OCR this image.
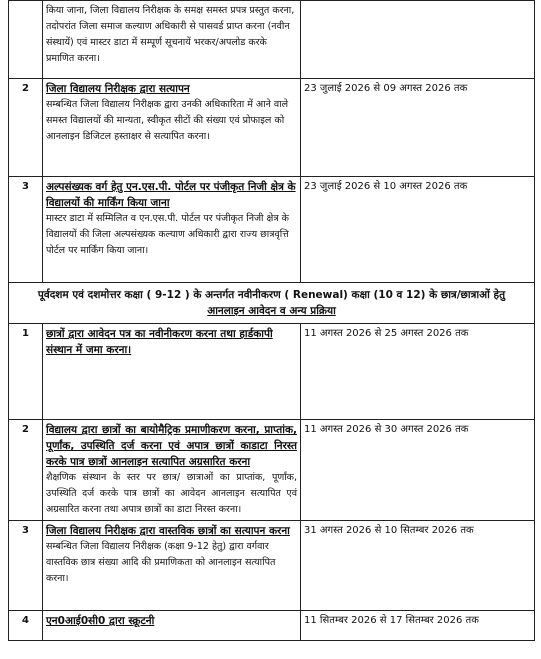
	किया जाना, जिला विद्यालय निरीक्षक के समक्ष समस्त प्रपत्र प्रस्तुत करना, तदोपरांत जिला समाज कल्याण अधिकारी से पासवर्ड प्राप्त करना (नवीन संस्थायें) एवं मास्टर डाटा में सम्पूर्ण सूचनायें भरकर/अपलोड करके प्रमाणित करना।	

2	जिला विद्यालय निरीक्षक द्वारा सत्यापन
सम्बन्धित जिला विद्यालय निरीक्षक द्वारा उनकी अधिकारिता में आने वाले समस्त विद्यालयों की मान्यता, स्वीकृत सीटों की संख्या एवं प्रोफाइल को आनलाइन डिजिटल हस्ताक्षर से सत्यापित करना।	23 जुलाई 2026 से 09 अगस्त 2026 तक
3	अल्पसंख्यक वर्ग हेतु एन.एस.पी. पोर्टल पर पंजीकृत निजी क्षेत्र के विद्यालयों की मार्किंग किया जाना
मास्टर डाटा में सम्मिलित व एन.एस.पी. पोर्टल पर पंजीकृत निजी क्षेत्र के विद्यालयों की जिला अल्पसंख्यक कल्याण अधिकारी द्वारा राज्य छात्रवृत्ति पोर्टल पर मार्किंग किया जाना।	23 जुलाई 2026 से 10 अगस्त 2026 तक

पूर्वदशम एवं दशमोत्तर कक्षा ( 9-12 ) के अन्तर्गत नवीनीकरण ( Renewal) कक्षा (10 व 12) के छात्र/छात्राओं हेतु
आनलाइन आवेदन व अन्य प्रक्रिया		

1	छात्रों द्वारा आवेदन पत्र का नवीनीकरण करना तथा हार्डकापी संस्थान में जमा करना।	11 अगस्त 2026 से 25 अगस्त 2026 तक
2	विद्यालय द्वारा छात्रों का बायोमैट्रिक प्रमाणीकरण करना, प्राप्तांक, पूर्णांक, उपस्थिति दर्ज करना एवं अपात्र छात्रों काडाटा निरस्त करके पात्र छात्रों आनलाइन सत्यापित अग्रसारित करना
शैक्षणिक संस्थान के स्तर पर छात्र/ छात्राओं का प्राप्तांक, पूर्णांक, उपस्थिति दर्ज करके पात्र छात्रों का आवेदन आनलाइन सत्यापित एवं अग्रसारित करना तथा अपात्र छात्रों का डाटा निरस्त करना।	11 अगस्त 2026 से 30 अगस्त 2026 तक
3	जिला विद्यालय निरीक्षक द्वारा वास्तविक छात्रों का सत्यापन करना
सम्बन्धित जिला विद्यालय निरीक्षक (कक्षा 9-12 हेतु) द्वारा वर्गवार वास्तविक छात्र संख्या आदि की प्रमाणिकता को आनलाइन सत्यापित करना।	31 अगस्त 2026 से 10 सितम्बर 2026 तक
4	एन0आई0सी0 द्वारा स्क्रूटनी	11 सितम्बर 2026 से 17 सितम्बर 2026 तक
